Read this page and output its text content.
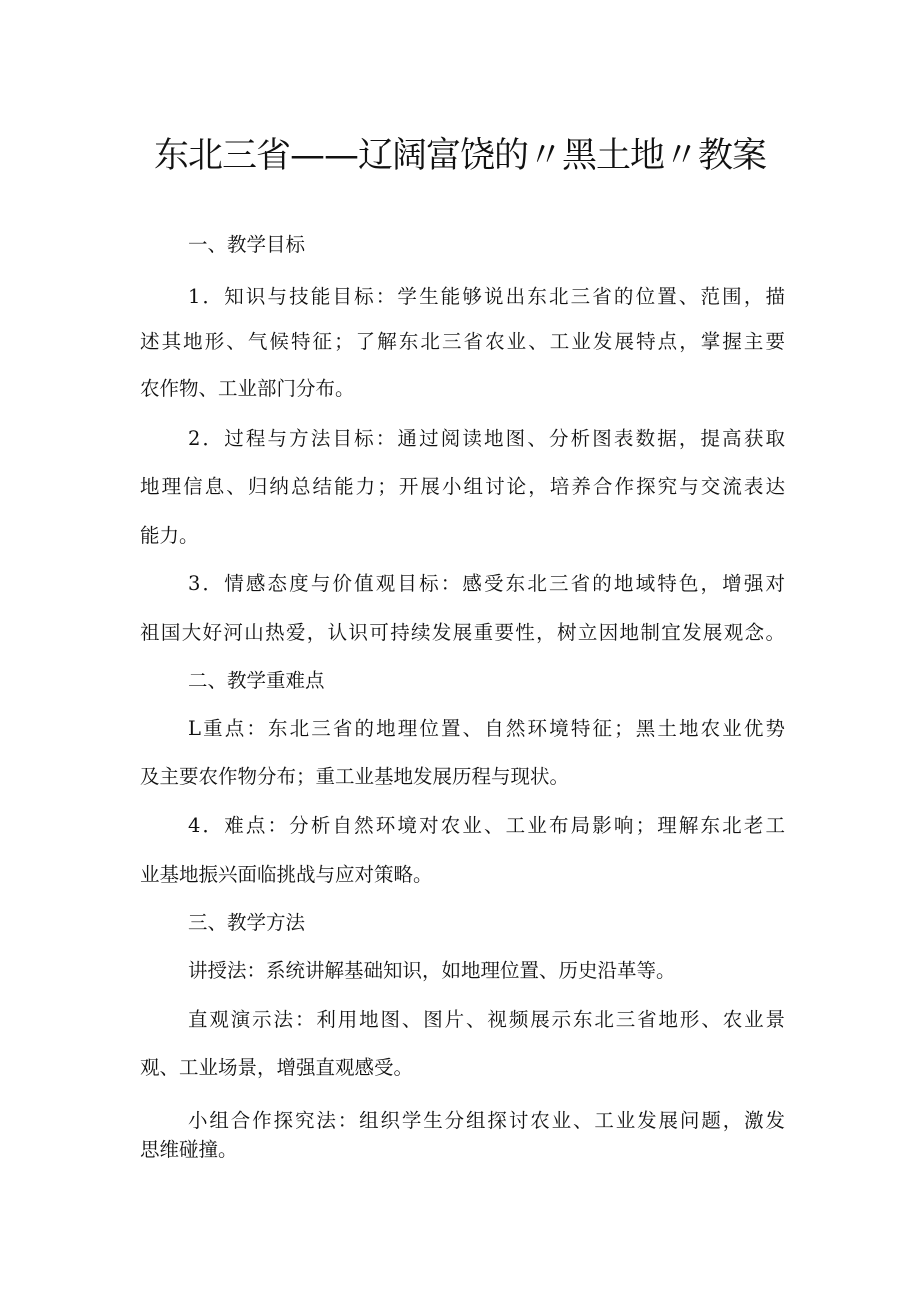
东北三省——辽阔富饶的〃黑土地〃教案
一、教学目标
1．知识与技能目标：学生能够说出东北三省的位置、范围，描
述其地形、气候特征；了解东北三省农业、工业发展特点，掌握主要
农作物、工业部门分布。
2．过程与方法目标：通过阅读地图、分析图表数据，提高获取
地理信息、归纳总结能力；开展小组讨论，培养合作探究与交流表达
能力。
3．情感态度与价值观目标：感受东北三省的地域特色，增强对
祖国大好河山热爱，认识可持续发展重要性，树立因地制宜发展观念。
二、教学重难点
L重点：东北三省的地理位置、自然环境特征；黑土地农业优势
及主要农作物分布；重工业基地发展历程与现状。
4．难点：分析自然环境对农业、工业布局影响；理解东北老工
业基地振兴面临挑战与应对策略。
三、教学方法
讲授法：系统讲解基础知识，如地理位置、历史沿革等。
直观演示法：利用地图、图片、视频展示东北三省地形、农业景
观、工业场景，增强直观感受。
小组合作探究法：组织学生分组探讨农业、工业发展问题，激发
思维碰撞。
